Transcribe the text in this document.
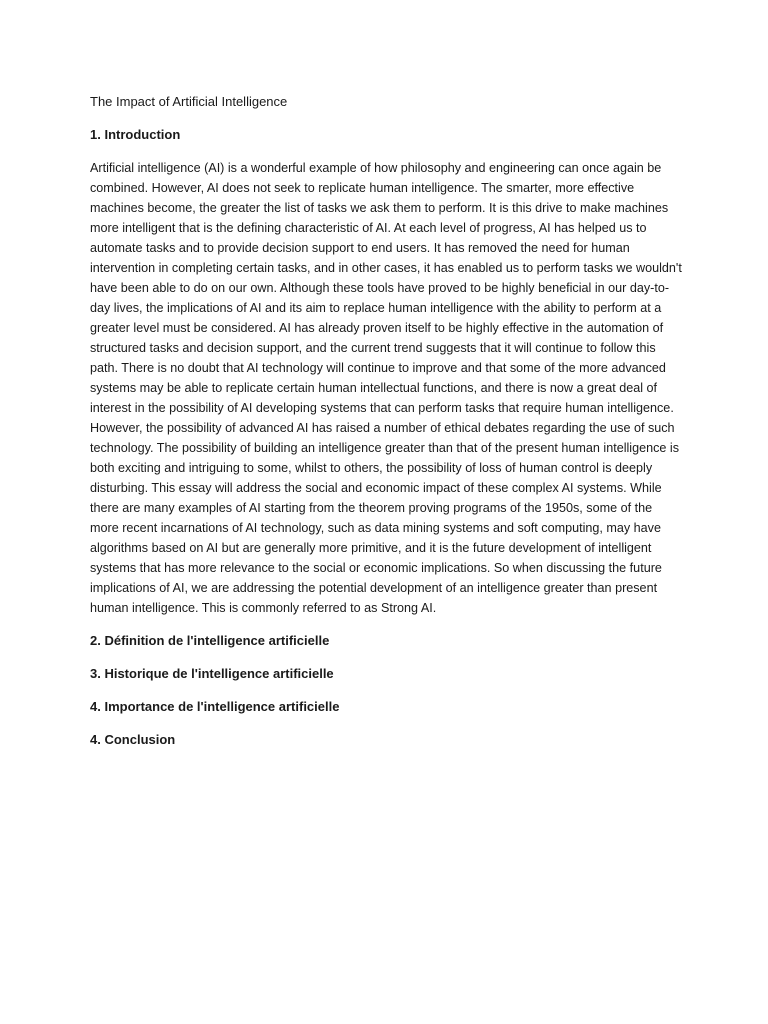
The Impact of Artificial Intelligence
1. Introduction

Artificial intelligence (AI) is a wonderful example of how philosophy and engineering can once again be combined. However, AI does not seek to replicate human intelligence. The smarter, more effective machines become, the greater the list of tasks we ask them to perform. It is this drive to make machines more intelligent that is the defining characteristic of AI. At each level of progress, AI has helped us to automate tasks and to provide decision support to end users. It has removed the need for human intervention in completing certain tasks, and in other cases, it has enabled us to perform tasks we wouldn't have been able to do on our own. Although these tools have proved to be highly beneficial in our day-to-day lives, the implications of AI and its aim to replace human intelligence with the ability to perform at a greater level must be considered. AI has already proven itself to be highly effective in the automation of structured tasks and decision support, and the current trend suggests that it will continue to follow this path. There is no doubt that AI technology will continue to improve and that some of the more advanced systems may be able to replicate certain human intellectual functions, and there is now a great deal of interest in the possibility of AI developing systems that can perform tasks that require human intelligence. However, the possibility of advanced AI has raised a number of ethical debates regarding the use of such technology. The possibility of building an intelligence greater than that of the present human intelligence is both exciting and intriguing to some, whilst to others, the possibility of loss of human control is deeply disturbing. This essay will address the social and economic impact of these complex AI systems. While there are many examples of AI starting from the theorem proving programs of the 1950s, some of the more recent incarnations of AI technology, such as data mining systems and soft computing, may have algorithms based on AI but are generally more primitive, and it is the future development of intelligent systems that has more relevance to the social or economic implications. So when discussing the future implications of AI, we are addressing the potential development of an intelligence greater than present human intelligence. This is commonly referred to as Strong AI.

2. Définition de l'intelligence artificielle
3. Historique de l'intelligence artificielle
4. Importance de l'intelligence artificielle
4. Conclusion
